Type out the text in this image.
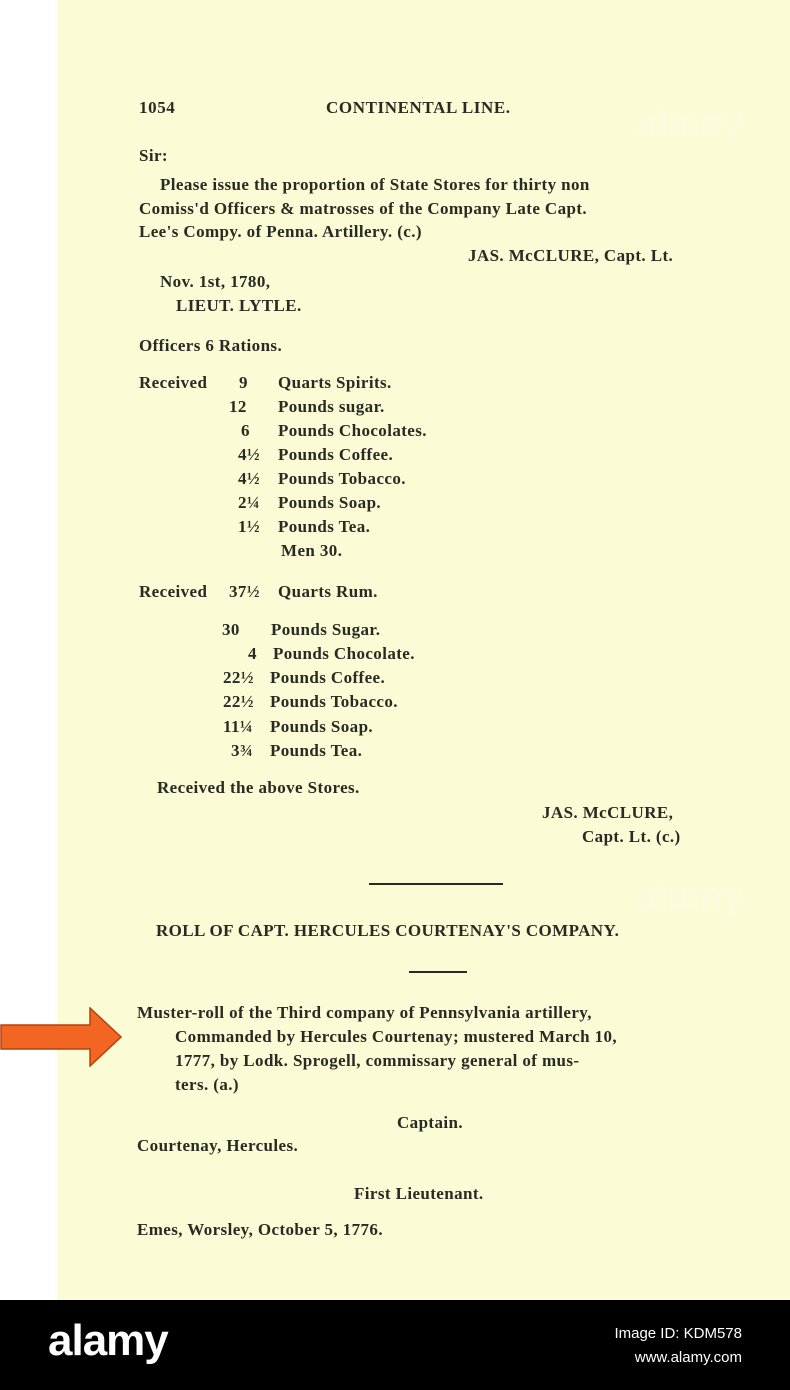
alamy
alamy
1054	CONTINENTAL LINE.
Sir:
Please issue the proportion of State Stores for thirty non
Comiss'd Officers & matrosses of the Company Late Capt.
Lee's Compy. of Penna. Artillery. (c.)
JAS. McCLURE, Capt. Lt.
Nov. 1st, 1780,
LIEUT. LYTLE.
Officers 6 Rations.
Received 9 Quarts Spirits.
12 Pounds sugar.
6 Pounds Chocolates.
4½ Pounds Coffee.
4½ Pounds Tobacco.
2¼ Pounds Soap.
1½ Pounds Tea.
Men 30.
Received 37½ Quarts Rum.
30 Pounds Sugar.
4 Pounds Chocolate.
22½ Pounds Coffee.
22½ Pounds Tobacco.
11¼ Pounds Soap.
3¾ Pounds Tea.
Received the above Stores.
JAS. McCLURE,
Capt. Lt. (c.)
ROLL OF CAPT. HERCULES COURTENAY'S COMPANY.
Muster-roll of the Third company of Pennsylvania artillery,
Commanded by Hercules Courtenay; mustered March 10,
1777, by Lodk. Sprogell, commissary general of mus-
ters. (a.)
Captain.
Courtenay, Hercules.
First Lieutenant.
Emes, Worsley, October 5, 1776.
alamy	Image ID: KDM578
www.alamy.com
